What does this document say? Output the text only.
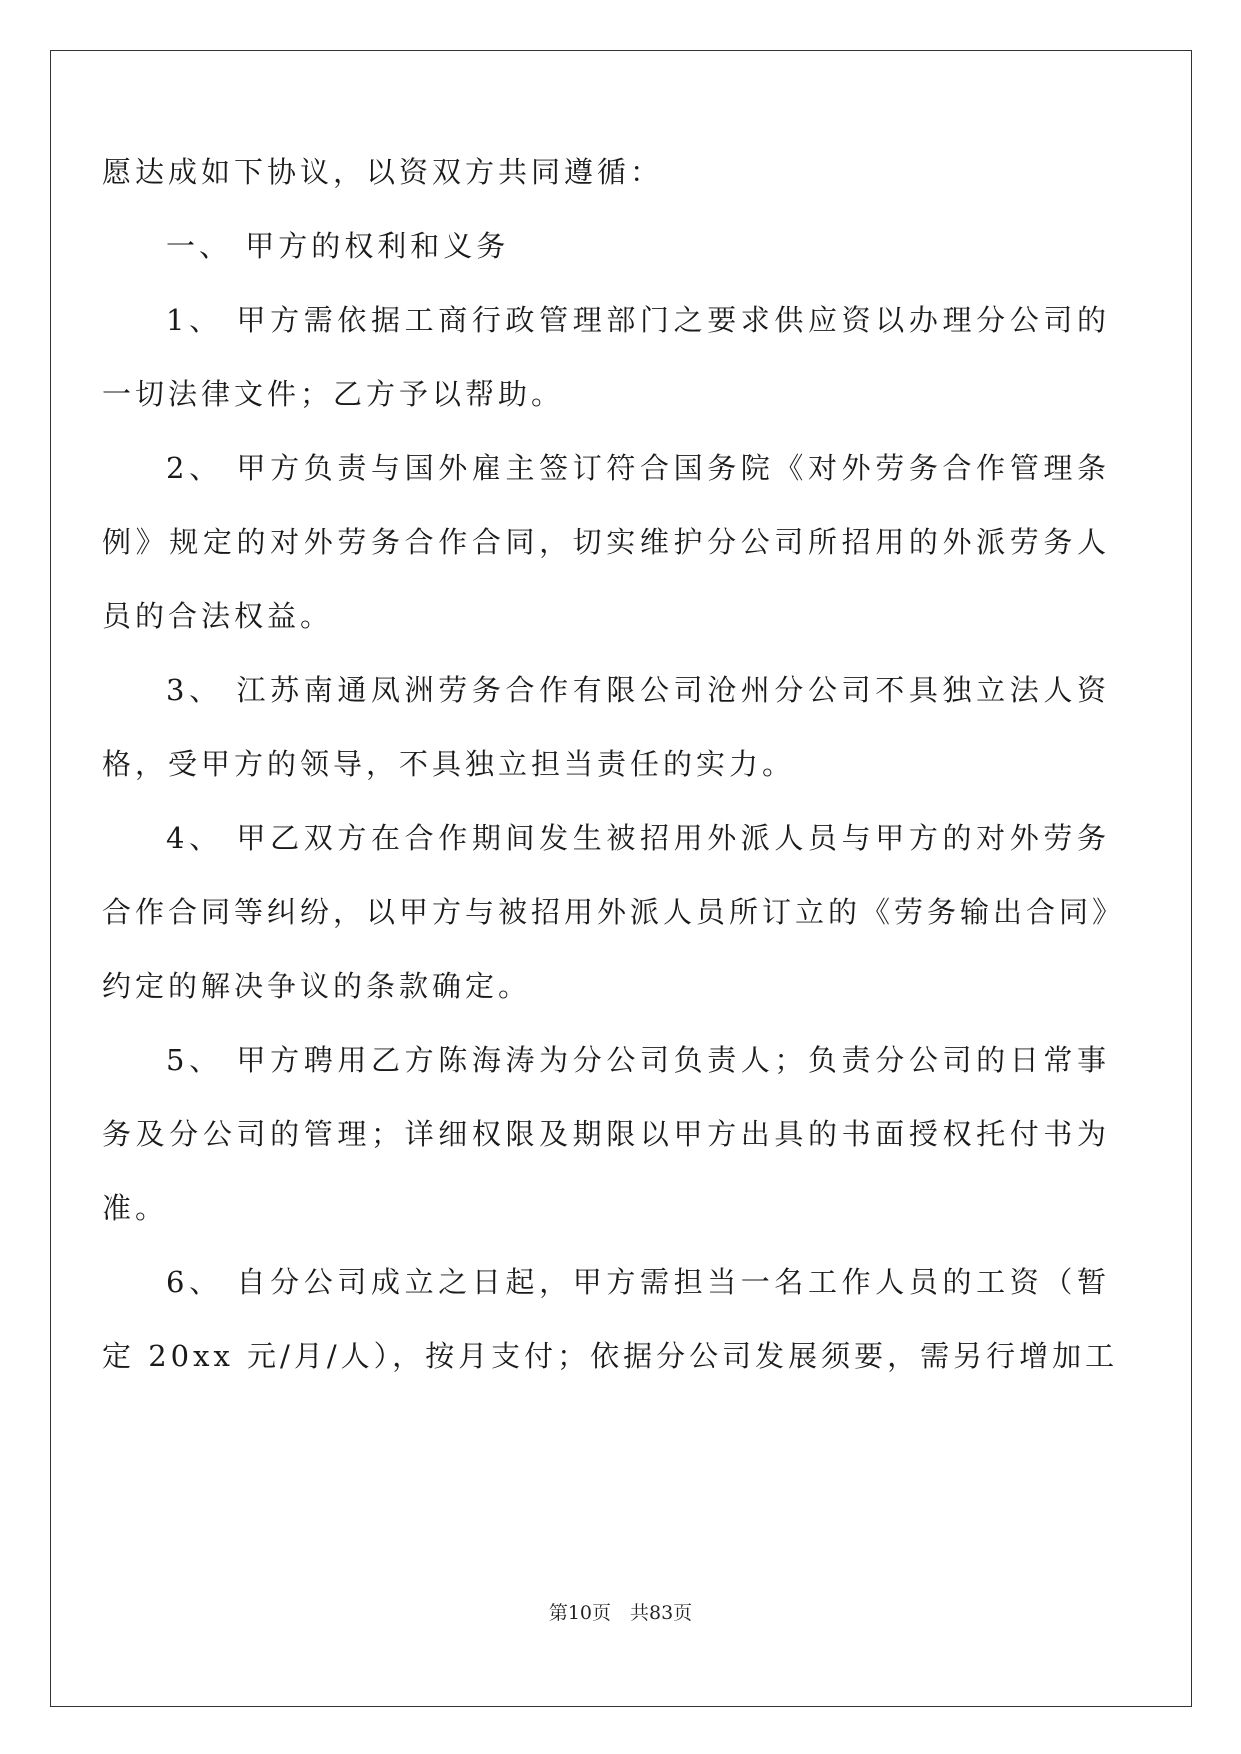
愿达成如下协议，以资双方共同遵循：
一、 甲方的权利和义务
1、 甲方需依据工商行政管理部门之要求供应资以办理分公司的
一切法律文件；乙方予以帮助。
2、 甲方负责与国外雇主签订符合国务院《对外劳务合作管理条
例》规定的对外劳务合作合同，切实维护分公司所招用的外派劳务人
员的合法权益。
3、 江苏南通凤洲劳务合作有限公司沧州分公司不具独立法人资
格，受甲方的领导，不具独立担当责任的实力。
4、 甲乙双方在合作期间发生被招用外派人员与甲方的对外劳务
合作合同等纠纷，以甲方与被招用外派人员所订立的《劳务输出合同》
约定的解决争议的条款确定。
5、 甲方聘用乙方陈海涛为分公司负责人；负责分公司的日常事
务及分公司的管理；详细权限及期限以甲方出具的书面授权托付书为
准。
6、 自分公司成立之日起，甲方需担当一名工作人员的工资（暂
定 20xx 元/月/人），按月支付；依据分公司发展须要，需另行增加工
第10页　共83页
